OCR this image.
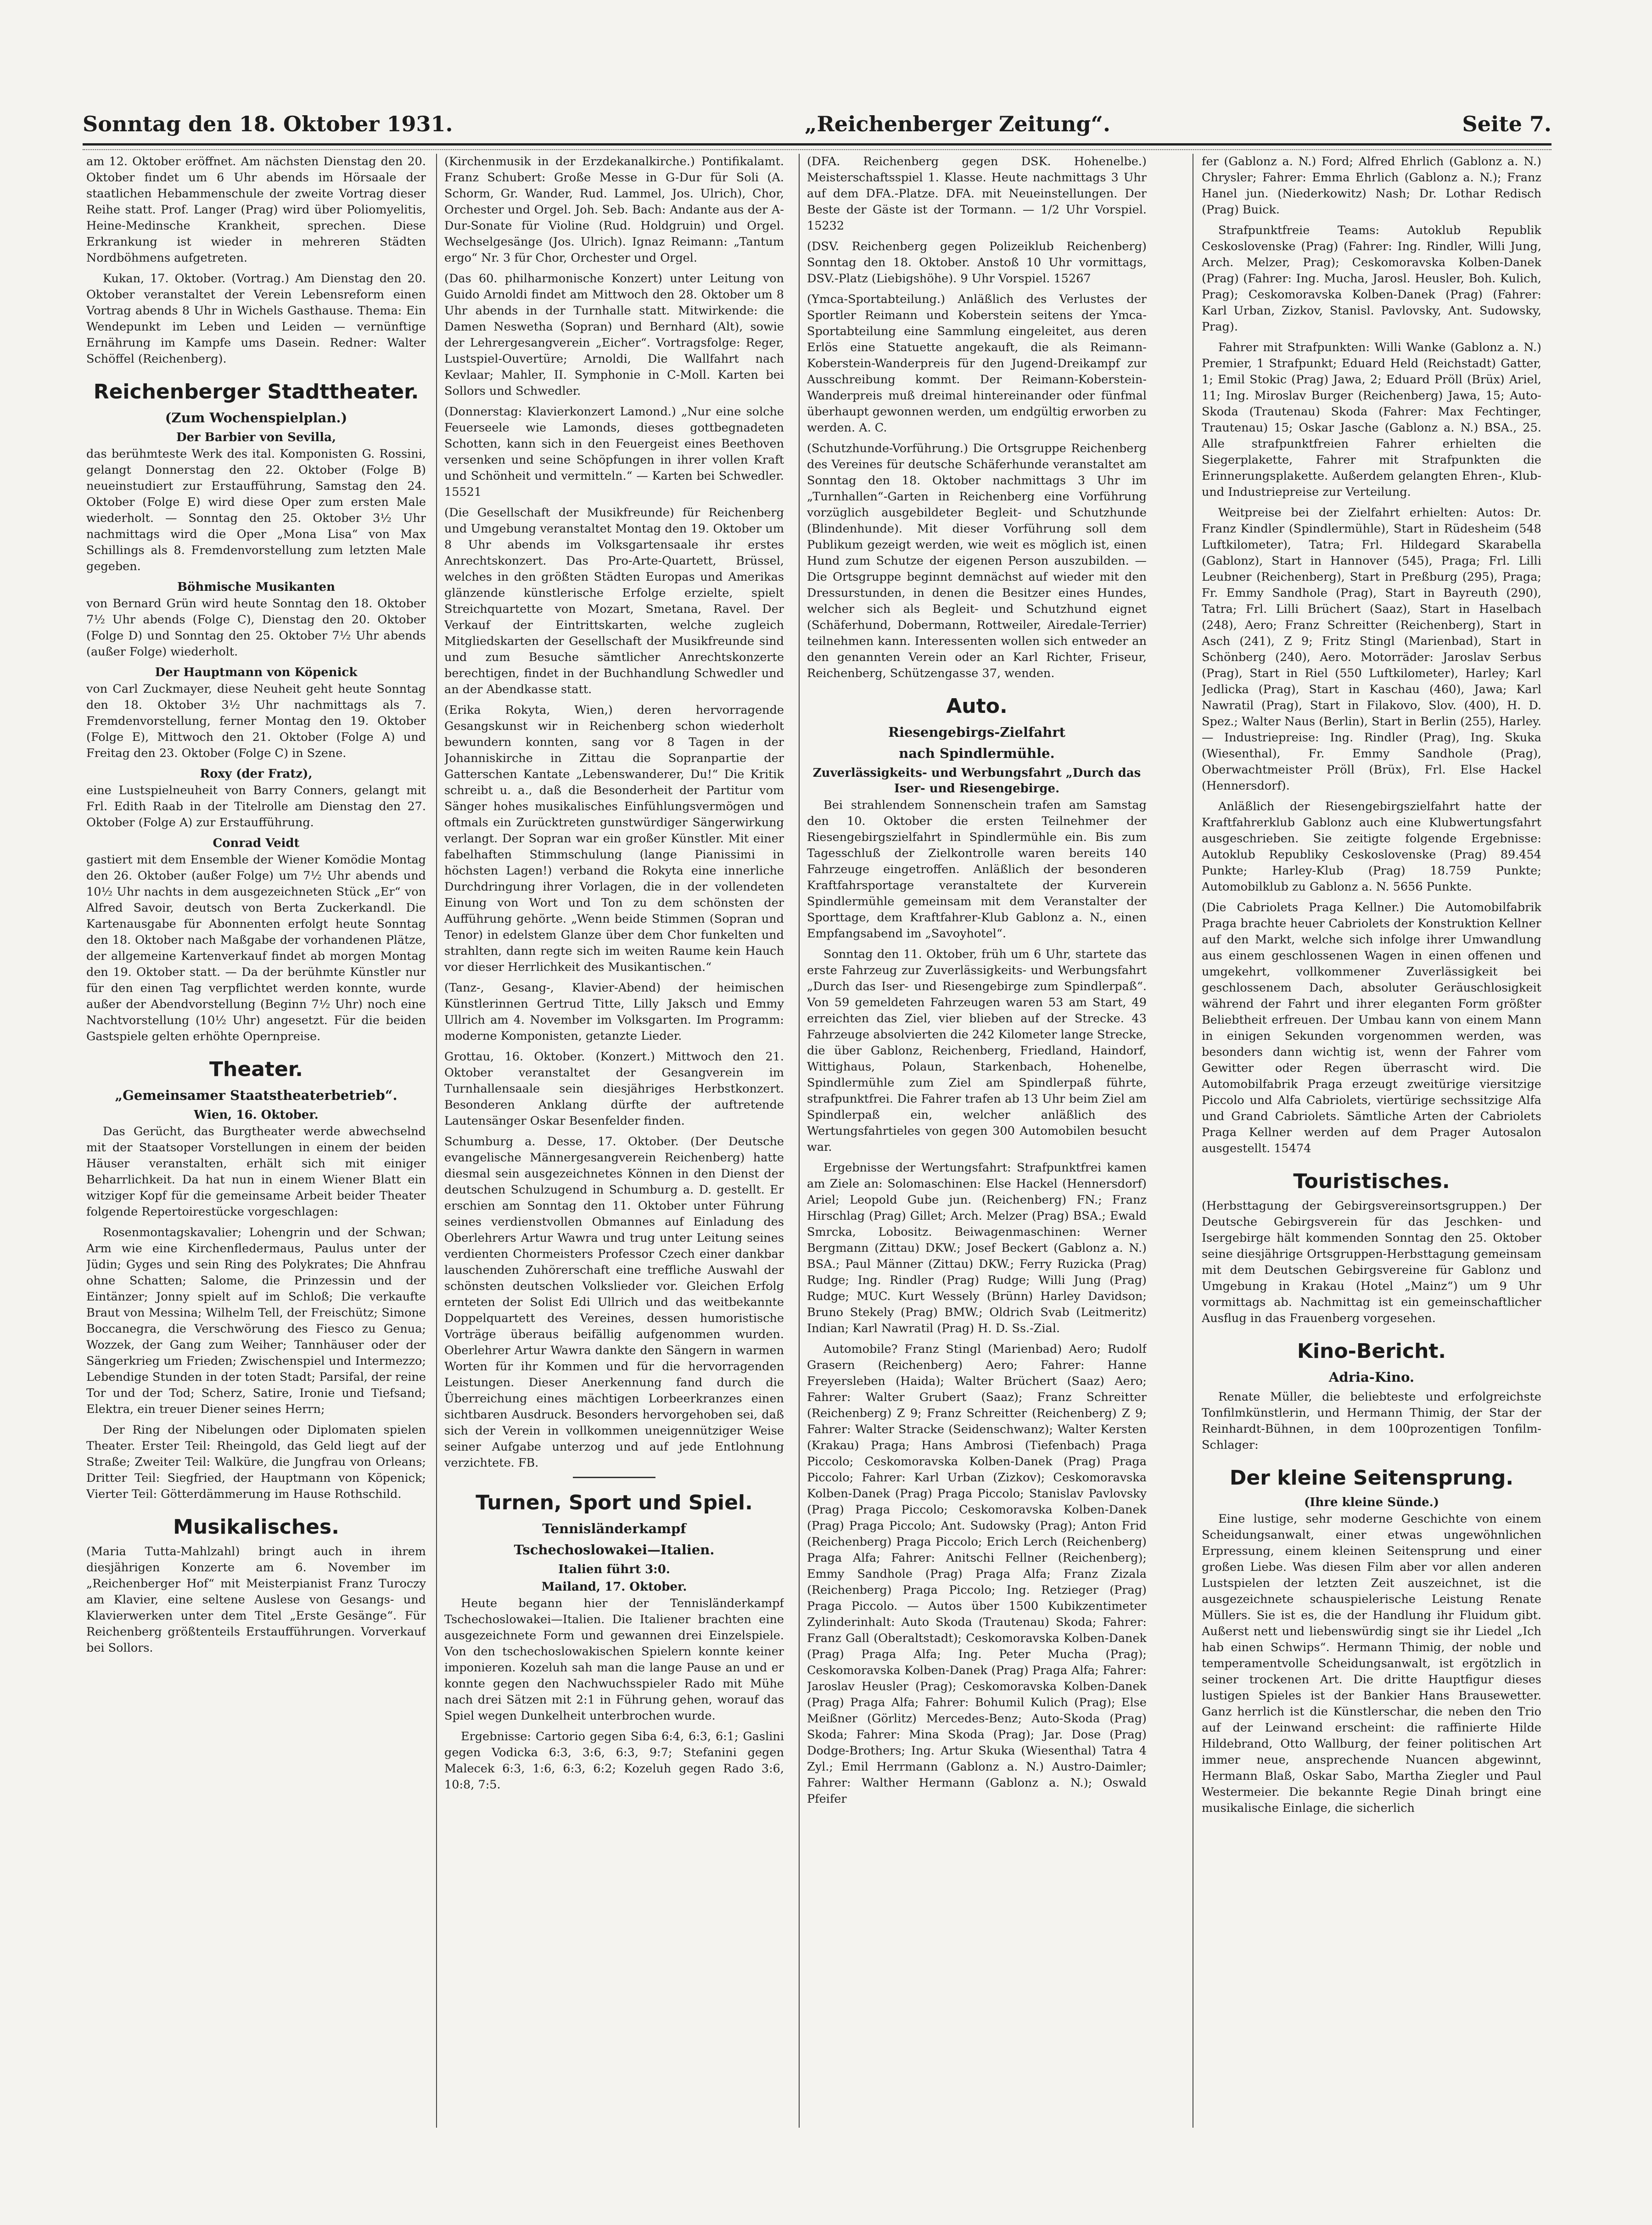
Sonntag den 18. Oktober 1931.	„Reichenberger Zeitung“.	Seite 7.

am 12. Oktober eröffnet. Am nächsten Dienstag den 20. Oktober findet um 6 Uhr abends im Hörsaale der staatlichen Hebammenschule der zweite Vortrag dieser Reihe statt. Prof. Langer (Prag) wird über Poliomyelitis, Heine-Medinsche Krankheit, sprechen. Diese Erkrankung ist wieder in mehreren Städten Nordböhmens aufgetreten.

Kukan, 17. Oktober. (Vortrag.) Am Dienstag den 20. Oktober veranstaltet der Verein Lebensreform einen Vortrag abends 8 Uhr in Wichels Gasthause. Thema: Ein Wendepunkt im Leben und Leiden — vernünftige Ernährung im Kampfe ums Dasein. Redner: Walter Schöffel (Reichenberg).

Reichenberger Stadttheater.
(Zum Wochenspielplan.)
Der Barbier von Sevilla,

das berühmteste Werk des ital. Komponisten G. Rossini, gelangt Donnerstag den 22. Oktober (Folge B) neueinstudiert zur Erstaufführung, Samstag den 24. Oktober (Folge E) wird diese Oper zum ersten Male wiederholt. — Sonntag den 25. Oktober 3½ Uhr nachmittags wird die Oper „Mona Lisa“ von Max Schillings als 8. Fremdenvorstellung zum letzten Male gegeben.

Böhmische Musikanten

von Bernard Grün wird heute Sonntag den 18. Oktober 7½ Uhr abends (Folge C), Dienstag den 20. Oktober (Folge D) und Sonntag den 25. Oktober 7½ Uhr abends (außer Folge) wiederholt.

Der Hauptmann von Köpenick

von Carl Zuckmayer, diese Neuheit geht heute Sonntag den 18. Oktober 3½ Uhr nachmittags als 7. Fremdenvorstellung, ferner Montag den 19. Oktober (Folge E), Mittwoch den 21. Oktober (Folge A) und Freitag den 23. Oktober (Folge C) in Szene.

Roxy (der Fratz),

eine Lustspielneuheit von Barry Conners, gelangt mit Frl. Edith Raab in der Titelrolle am Dienstag den 27. Oktober (Folge A) zur Erstaufführung.

Conrad Veidt

gastiert mit dem Ensemble der Wiener Komödie Montag den 26. Oktober (außer Folge) um 7½ Uhr abends und 10½ Uhr nachts in dem ausgezeichneten Stück „Er“ von Alfred Savoir, deutsch von Berta Zuckerkandl. Die Kartenausgabe für Abonnenten erfolgt heute Sonntag den 18. Oktober nach Maßgabe der vorhandenen Plätze, der allgemeine Kartenverkauf findet ab morgen Montag den 19. Oktober statt. — Da der berühmte Künstler nur für den einen Tag verpflichtet werden konnte, wurde außer der Abendvorstellung (Beginn 7½ Uhr) noch eine Nachtvorstellung (10½ Uhr) angesetzt. Für die beiden Gastspiele gelten erhöhte Opernpreise.

Theater.
„Gemeinsamer Staatstheaterbetrieb“.
Wien, 16. Oktober.

Das Gerücht, das Burgtheater werde abwechselnd mit der Staatsoper Vorstellungen in einem der beiden Häuser veranstalten, erhält sich mit einiger Beharrlichkeit. Da hat nun in einem Wiener Blatt ein witziger Kopf für die gemeinsame Arbeit beider Theater folgende Repertoirestücke vorgeschlagen:

Rosenmontagskavalier; Lohengrin und der Schwan; Arm wie eine Kirchenfledermaus, Paulus unter der Jüdin; Gyges und sein Ring des Polykrates; Die Ahnfrau ohne Schatten; Salome, die Prinzessin und der Eintänzer; Jonny spielt auf im Schloß; Die verkaufte Braut von Messina; Wilhelm Tell, der Freischütz; Simone Boccanegra, die Verschwörung des Fiesco zu Genua; Wozzek, der Gang zum Weiher; Tannhäuser oder der Sängerkrieg um Frieden; Zwischenspiel und Intermezzo; Lebendige Stunden in der toten Stadt; Parsifal, der reine Tor und der Tod; Scherz, Satire, Ironie und Tiefsand; Elektra, ein treuer Diener seines Herrn;

Der Ring der Nibelungen oder Diplomaten spielen Theater. Erster Teil: Rheingold, das Geld liegt auf der Straße; Zweiter Teil: Walküre, die Jungfrau von Orleans; Dritter Teil: Siegfried, der Hauptmann von Köpenick; Vierter Teil: Götterdämmerung im Hause Rothschild.

Musikalisches.

(Maria Tutta-Mahlzahl) bringt auch in ihrem diesjährigen Konzerte am 6. November im „Reichenberger Hof“ mit Meisterpianist Franz Turoczy am Klavier, eine seltene Auslese von Gesangs- und Klavierwerken unter dem Titel „Erste Gesänge“. Für Reichenberg größtenteils Erstaufführungen. Vorverkauf bei Sollors.

(Kirchenmusik in der Erzdekanalkirche.) Pontifikalamt. Franz Schubert: Große Messe in G-Dur für Soli (A. Schorm, Gr. Wander, Rud. Lammel, Jos. Ulrich), Chor, Orchester und Orgel. Joh. Seb. Bach: Andante aus der A-Dur-Sonate für Violine (Rud. Holdgruin) und Orgel. Wechselgesänge (Jos. Ulrich). Ignaz Reimann: „Tantum ergo“ Nr. 3 für Chor, Orchester und Orgel.

(Das 60. philharmonische Konzert) unter Leitung von Guido Arnoldi findet am Mittwoch den 28. Oktober um 8 Uhr abends in der Turnhalle statt. Mitwirkende: die Damen Neswetha (Sopran) und Bernhard (Alt), sowie der Lehrergesangverein „Eicher“. Vortragsfolge: Reger, Lustspiel-Ouvertüre; Arnoldi, Die Wallfahrt nach Kevlaar; Mahler, II. Symphonie in C-Moll. Karten bei Sollors und Schwedler.

(Donnerstag: Klavierkonzert Lamond.) „Nur eine solche Feuerseele wie Lamonds, dieses gottbegnadeten Schotten, kann sich in den Feuergeist eines Beethoven versenken und seine Schöpfungen in ihrer vollen Kraft und Schönheit und vermitteln.“ — Karten bei Schwedler. 15521

(Die Gesellschaft der Musikfreunde) für Reichenberg und Umgebung veranstaltet Montag den 19. Oktober um 8 Uhr abends im Volksgartensaale ihr erstes Anrechtskonzert. Das Pro-Arte-Quartett, Brüssel, welches in den größten Städten Europas und Amerikas glänzende künstlerische Erfolge erzielte, spielt Streichquartette von Mozart, Smetana, Ravel. Der Verkauf der Eintrittskarten, welche zugleich Mitgliedskarten der Gesellschaft der Musikfreunde sind und zum Besuche sämtlicher Anrechtskonzerte berechtigen, findet in der Buchhandlung Schwedler und an der Abendkasse statt.

(Erika Rokyta, Wien,) deren hervorragende Gesangskunst wir in Reichenberg schon wiederholt bewundern konnten, sang vor 8 Tagen in der Johanniskirche in Zittau die Sopranpartie der Gatterschen Kantate „Lebenswanderer, Du!“ Die Kritik schreibt u. a., daß die Besonderheit der Partitur vom Sänger hohes musikalisches Einfühlungsvermögen und oftmals ein Zurücktreten gunstwürdiger Sängerwirkung verlangt. Der Sopran war ein großer Künstler. Mit einer fabelhaften Stimmschulung (lange Pianissimi in höchsten Lagen!) verband die Rokyta eine innerliche Durchdringung ihrer Vorlagen, die in der vollendeten Einung von Wort und Ton zu dem schönsten der Aufführung gehörte. „Wenn beide Stimmen (Sopran und Tenor) in edelstem Glanze über dem Chor funkelten und strahlten, dann regte sich im weiten Raume kein Hauch vor dieser Herrlichkeit des Musikantischen.“

(Tanz-, Gesang-, Klavier-Abend) der heimischen Künstlerinnen Gertrud Titte, Lilly Jaksch und Emmy Ullrich am 4. November im Volksgarten. Im Programm: moderne Komponisten, getanzte Lieder.

Grottau, 16. Oktober. (Konzert.) Mittwoch den 21. Oktober veranstaltet der Gesangverein im Turnhallensaale sein diesjähriges Herbstkonzert. Besonderen Anklang dürfte der auftretende Lautensänger Oskar Besenfelder finden.

Schumburg a. Desse, 17. Oktober. (Der Deutsche evangelische Männergesangverein Reichenberg) hatte diesmal sein ausgezeichnetes Können in den Dienst der deutschen Schulzugend in Schumburg a. D. gestellt. Er erschien am Sonntag den 11. Oktober unter Führung seines verdienstvollen Obmannes auf Einladung des Oberlehrers Artur Wawra und trug unter Leitung seines verdienten Chormeisters Professor Czech einer dankbar lauschenden Zuhörerschaft eine treffliche Auswahl der schönsten deutschen Volkslieder vor. Gleichen Erfolg ernteten der Solist Edi Ullrich und das weitbekannte Doppelquartett des Vereines, dessen humoristische Vorträge überaus beifällig aufgenommen wurden. Oberlehrer Artur Wawra dankte den Sängern in warmen Worten für ihr Kommen und für die hervorragenden Leistungen. Dieser Anerkennung fand durch die Überreichung eines mächtigen Lorbeerkranzes einen sichtbaren Ausdruck. Besonders hervorgehoben sei, daß sich der Verein in vollkommen uneigennütziger Weise seiner Aufgabe unterzog und auf jede Entlohnung verzichtete. FB.

Turnen, Sport und Spiel.
Tennisländerkampf
Tschechoslowakei—Italien.
Italien führt 3:0.
Mailand, 17. Oktober.

Heute begann hier der Tennisländerkampf Tschechoslowakei—Italien. Die Italiener brachten eine ausgezeichnete Form und gewannen drei Einzelspiele. Von den tschechoslowakischen Spielern konnte keiner imponieren. Kozeluh sah man die lange Pause an und er konnte gegen den Nachwuchsspieler Rado mit Mühe nach drei Sätzen mit 2:1 in Führung gehen, worauf das Spiel wegen Dunkelheit unterbrochen wurde.

Ergebnisse: Cartorio gegen Siba 6:4, 6:3, 6:1; Gaslini gegen Vodicka 6:3, 3:6, 6:3, 9:7; Stefanini gegen Malecek 6:3, 1:6, 6:3, 6:2; Kozeluh gegen Rado 3:6, 10:8, 7:5.

(DFA. Reichenberg gegen DSK. Hohenelbe.) Meisterschaftsspiel 1. Klasse. Heute nachmittags 3 Uhr auf dem DFA.-Platze. DFA. mit Neueinstellungen. Der Beste der Gäste ist der Tormann. — 1/2 Uhr Vorspiel. 15232

(DSV. Reichenberg gegen Polizeiklub Reichenberg) Sonntag den 18. Oktober. Anstoß 10 Uhr vormittags, DSV.-Platz (Liebigshöhe). 9 Uhr Vorspiel. 15267

(Ymca-Sportabteilung.) Anläßlich des Verlustes der Sportler Reimann und Koberstein seitens der Ymca-Sportabteilung eine Sammlung eingeleitet, aus deren Erlös eine Statuette angekauft, die als Reimann-Koberstein-Wanderpreis für den Jugend-Dreikampf zur Ausschreibung kommt. Der Reimann-Koberstein-Wanderpreis muß dreimal hintereinander oder fünfmal überhaupt gewonnen werden, um endgültig erworben zu werden. A. C.

(Schutzhunde-Vorführung.) Die Ortsgruppe Reichenberg des Vereines für deutsche Schäferhunde veranstaltet am Sonntag den 18. Oktober nachmittags 3 Uhr im „Turnhallen“-Garten in Reichenberg eine Vorführung vorzüglich ausgebildeter Begleit- und Schutzhunde (Blindenhunde). Mit dieser Vorführung soll dem Publikum gezeigt werden, wie weit es möglich ist, einen Hund zum Schutze der eigenen Person auszubilden. — Die Ortsgruppe beginnt demnächst auf wieder mit den Dressurstunden, in denen die Besitzer eines Hundes, welcher sich als Begleit- und Schutzhund eignet (Schäferhund, Dobermann, Rottweiler, Airedale-Terrier) teilnehmen kann. Interessenten wollen sich entweder an den genannten Verein oder an Karl Richter, Friseur, Reichenberg, Schützengasse 37, wenden.

Auto.
Riesengebirgs-Zielfahrt
nach Spindlermühle.
Zuverlässigkeits- und Werbungsfahrt „Durch das Iser- und Riesengebirge.

Bei strahlendem Sonnenschein trafen am Samstag den 10. Oktober die ersten Teilnehmer der Riesengebirgszielfahrt in Spindlermühle ein. Bis zum Tagesschluß der Zielkontrolle waren bereits 140 Fahrzeuge eingetroffen. Anläßlich der besonderen Kraftfahrsportage veranstaltete der Kurverein Spindlermühle gemeinsam mit dem Veranstalter der Sporttage, dem Kraftfahrer-Klub Gablonz a. N., einen Empfangsabend im „Savoyhotel“.

Sonntag den 11. Oktober, früh um 6 Uhr, startete das erste Fahrzeug zur Zuverlässigkeits- und Werbungsfahrt „Durch das Iser- und Riesengebirge zum Spindlerpaß“. Von 59 gemeldeten Fahrzeugen waren 53 am Start, 49 erreichten das Ziel, vier blieben auf der Strecke. 43 Fahrzeuge absolvierten die 242 Kilometer lange Strecke, die über Gablonz, Reichenberg, Friedland, Haindorf, Wittighaus, Polaun, Starkenbach, Hohenelbe, Spindlermühle zum Ziel am Spindlerpaß führte, strafpunktfrei. Die Fahrer trafen ab 13 Uhr beim Ziel am Spindlerpaß ein, welcher anläßlich des Wertungsfahrtieles von gegen 300 Automobilen besucht war.

Ergebnisse der Wertungsfahrt: Strafpunktfrei kamen am Ziele an: Solomaschinen: Else Hackel (Hennersdorf) Ariel; Leopold Gube jun. (Reichenberg) FN.; Franz Hirschlag (Prag) Gillet; Arch. Melzer (Prag) BSA.; Ewald Smrcka, Lobositz. Beiwagenmaschinen: Werner Bergmann (Zittau) DKW.; Josef Beckert (Gablonz a. N.) BSA.; Paul Männer (Zittau) DKW.; Ferry Ruzicka (Prag) Rudge; Ing. Rindler (Prag) Rudge; Willi Jung (Prag) Rudge; MUC. Kurt Wessely (Brünn) Harley Davidson; Bruno Stekely (Prag) BMW.; Oldrich Svab (Leitmeritz) Indian; Karl Nawratil (Prag) H. D. Ss.-Zial.

Automobile? Franz Stingl (Marienbad) Aero; Rudolf Grasern (Reichenberg) Aero; Fahrer: Hanne Freyersleben (Haida); Walter Brüchert (Saaz) Aero; Fahrer: Walter Grubert (Saaz); Franz Schreitter (Reichenberg) Z 9; Franz Schreitter (Reichenberg) Z 9; Fahrer: Walter Stracke (Seidenschwanz); Walter Kersten (Krakau) Praga; Hans Ambrosi (Tiefenbach) Praga Piccolo; Ceskomoravska Kolben-Danek (Prag) Praga Piccolo; Fahrer: Karl Urban (Zizkov); Ceskomoravska Kolben-Danek (Prag) Praga Piccolo; Stanislav Pavlovsky (Prag) Praga Piccolo; Ceskomoravska Kolben-Danek (Prag) Praga Piccolo; Ant. Sudowsky (Prag); Anton Frid (Reichenberg) Praga Piccolo; Erich Lerch (Reichenberg) Praga Alfa; Fahrer: Anitschi Fellner (Reichenberg); Emmy Sandhole (Prag) Praga Alfa; Franz Zizala (Reichenberg) Praga Piccolo; Ing. Retzieger (Prag) Praga Piccolo. — Autos über 1500 Kubikzentimeter Zylinderinhalt: Auto Skoda (Trautenau) Skoda; Fahrer: Franz Gall (Oberaltstadt); Ceskomoravska Kolben-Danek (Prag) Praga Alfa; Ing. Peter Mucha (Prag); Ceskomoravska Kolben-Danek (Prag) Praga Alfa; Fahrer: Jaroslav Heusler (Prag); Ceskomoravska Kolben-Danek (Prag) Praga Alfa; Fahrer: Bohumil Kulich (Prag); Else Meißner (Görlitz) Mercedes-Benz; Auto-Skoda (Prag) Skoda; Fahrer: Mina Skoda (Prag); Jar. Dose (Prag) Dodge-Brothers; Ing. Artur Skuka (Wiesenthal) Tatra 4 Zyl.; Emil Herrmann (Gablonz a. N.) Austro-Daimler; Fahrer: Walther Hermann (Gablonz a. N.); Oswald Pfeifer

fer (Gablonz a. N.) Ford; Alfred Ehrlich (Gablonz a. N.) Chrysler; Fahrer: Emma Ehrlich (Gablonz a. N.); Franz Hanel jun. (Niederkowitz) Nash; Dr. Lothar Redisch (Prag) Buick.

Strafpunktfreie Teams: Autoklub Republik Ceskoslovenske (Prag) (Fahrer: Ing. Rindler, Willi Jung, Arch. Melzer, Prag); Ceskomoravska Kolben-Danek (Prag) (Fahrer: Ing. Mucha, Jarosl. Heusler, Boh. Kulich, Prag); Ceskomoravska Kolben-Danek (Prag) (Fahrer: Karl Urban, Zizkov, Stanisl. Pavlovsky, Ant. Sudowsky, Prag).

Fahrer mit Strafpunkten: Willi Wanke (Gablonz a. N.) Premier, 1 Strafpunkt; Eduard Held (Reichstadt) Gatter, 1; Emil Stokic (Prag) Jawa, 2; Eduard Pröll (Brüx) Ariel, 11; Ing. Miroslav Burger (Reichenberg) Jawa, 15; Auto-Skoda (Trautenau) Skoda (Fahrer: Max Fechtinger, Trautenau) 15; Oskar Jasche (Gablonz a. N.) BSA., 25. Alle strafpunktfreien Fahrer erhielten die Siegerplakette, Fahrer mit Strafpunkten die Erinnerungsplakette. Außerdem gelangten Ehren-, Klub- und Industriepreise zur Verteilung.

Weitpreise bei der Zielfahrt erhielten: Autos: Dr. Franz Kindler (Spindlermühle), Start in Rüdesheim (548 Luftkilometer), Tatra; Frl. Hildegard Skarabella (Gablonz), Start in Hannover (545), Praga; Frl. Lilli Leubner (Reichenberg), Start in Preßburg (295), Praga; Fr. Emmy Sandhole (Prag), Start in Bayreuth (290), Tatra; Frl. Lilli Brüchert (Saaz), Start in Haselbach (248), Aero; Franz Schreitter (Reichenberg), Start in Asch (241), Z 9; Fritz Stingl (Marienbad), Start in Schönberg (240), Aero. Motorräder: Jaroslav Serbus (Prag), Start in Riel (550 Luftkilometer), Harley; Karl Jedlicka (Prag), Start in Kaschau (460), Jawa; Karl Nawratil (Prag), Start in Filakovo, Slov. (400), H. D. Spez.; Walter Naus (Berlin), Start in Berlin (255), Harley. — Industriepreise: Ing. Rindler (Prag), Ing. Skuka (Wiesenthal), Fr. Emmy Sandhole (Prag), Oberwachtmeister Pröll (Brüx), Frl. Else Hackel (Hennersdorf).

Anläßlich der Riesengebirgszielfahrt hatte der Kraftfahrerklub Gablonz auch eine Klubwertungsfahrt ausgeschrieben. Sie zeitigte folgende Ergebnisse: Autoklub Republiky Ceskoslovenske (Prag) 89.454 Punkte; Harley-Klub (Prag) 18.759 Punkte; Automobilklub zu Gablonz a. N. 5656 Punkte.

(Die Cabriolets Praga Kellner.) Die Automobilfabrik Praga brachte heuer Cabriolets der Konstruktion Kellner auf den Markt, welche sich infolge ihrer Umwandlung aus einem geschlossenen Wagen in einen offenen und umgekehrt, vollkommener Zuverlässigkeit bei geschlossenem Dach, absoluter Geräuschlosigkeit während der Fahrt und ihrer eleganten Form größter Beliebtheit erfreuen. Der Umbau kann von einem Mann in einigen Sekunden vorgenommen werden, was besonders dann wichtig ist, wenn der Fahrer vom Gewitter oder Regen überrascht wird. Die Automobilfabrik Praga erzeugt zweitürige viersitzige Piccolo und Alfa Cabriolets, viertürige sechssitzige Alfa und Grand Cabriolets. Sämtliche Arten der Cabriolets Praga Kellner werden auf dem Prager Autosalon ausgestellt. 15474

Touristisches.

(Herbsttagung der Gebirgsvereinsortsgruppen.) Der Deutsche Gebirgsverein für das Jeschken- und Isergebirge hält kommenden Sonntag den 25. Oktober seine diesjährige Ortsgruppen-Herbsttagung gemeinsam mit dem Deutschen Gebirgsvereine für Gablonz und Umgebung in Krakau (Hotel „Mainz“) um 9 Uhr vormittags ab. Nachmittag ist ein gemeinschaftlicher Ausflug in das Frauenberg vorgesehen.

Kino-Bericht.
Adria-Kino.

Renate Müller, die beliebteste und erfolgreichste Tonfilmkünstlerin, und Hermann Thimig, der Star der Reinhardt-Bühnen, in dem 100prozentigen Tonfilm-Schlager:

Der kleine Seitensprung.
(Ihre kleine Sünde.)

Eine lustige, sehr moderne Geschichte von einem Scheidungsanwalt, einer etwas ungewöhnlichen Erpressung, einem kleinen Seitensprung und einer großen Liebe. Was diesen Film aber vor allen anderen Lustspielen der letzten Zeit auszeichnet, ist die ausgezeichnete schauspielerische Leistung Renate Müllers. Sie ist es, die der Handlung ihr Fluidum gibt. Außerst nett und liebenswürdig singt sie ihr Liedel „Ich hab einen Schwips“. Hermann Thimig, der noble und temperamentvolle Scheidungsanwalt, ist ergötzlich in seiner trockenen Art. Die dritte Hauptfigur dieses lustigen Spieles ist der Bankier Hans Brausewetter. Ganz herrlich ist die Künstlerschar, die neben den Trio auf der Leinwand erscheint: die raffinierte Hilde Hildebrand, Otto Wallburg, der feiner politischen Art immer neue, ansprechende Nuancen abgewinnt, Hermann Blaß, Oskar Sabo, Martha Ziegler und Paul Westermeier. Die bekannte Regie Dinah bringt eine musikalische Einlage, die sicherlich
